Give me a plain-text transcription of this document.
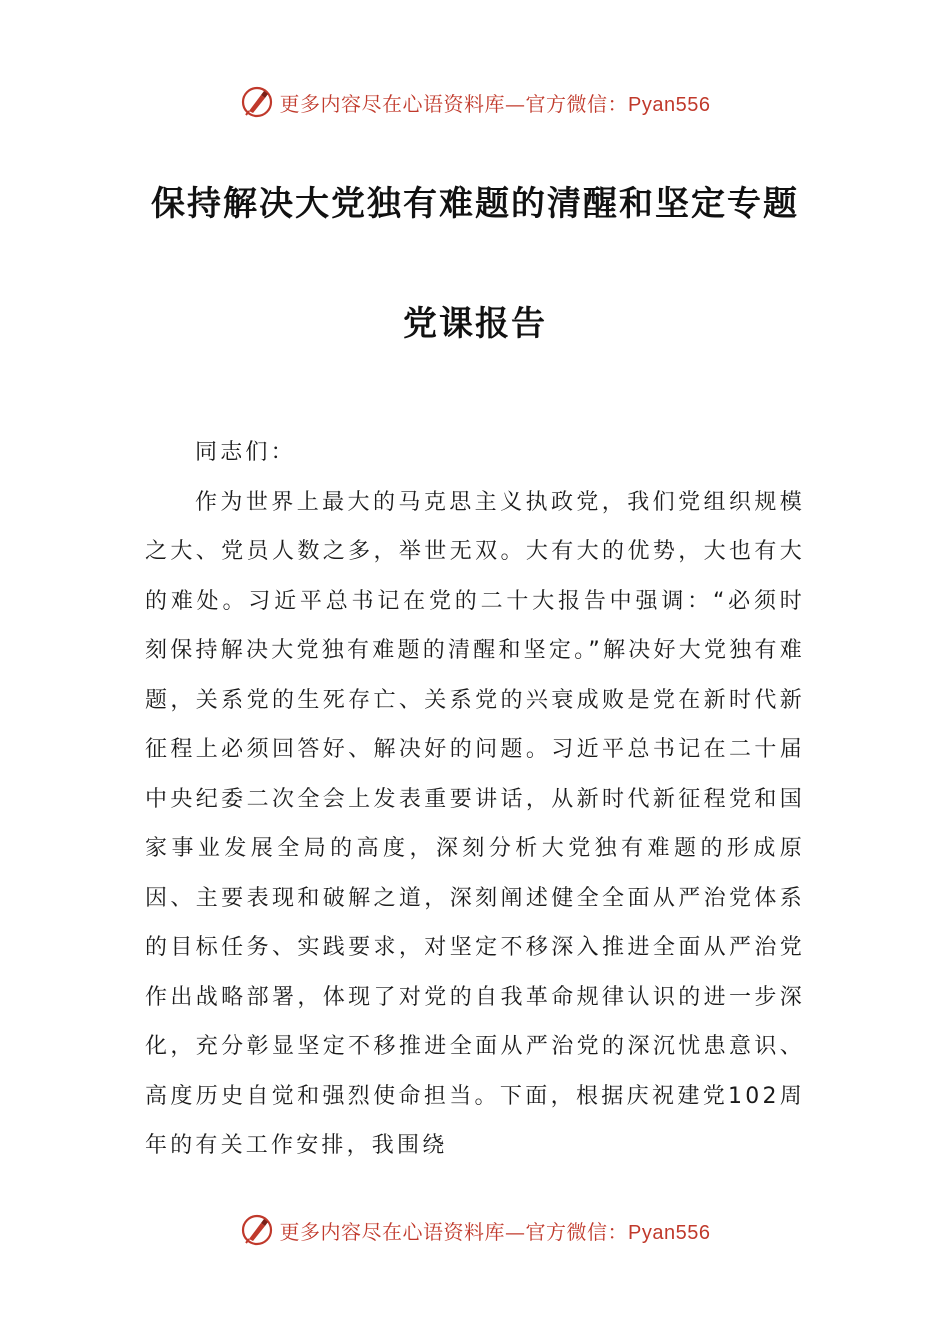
更多内容尽在心语资料库—官方微信：Pyan556
保持解决大党独有难题的清醒和坚定专题
党课报告

同志们：

作为世界上最大的马克思主义执政党，我们党组织规模之大、党员人数之多，举世无双。大有大的优势，大也有大的难处。习近平总书记在党的二十大报告中强调：“必须时刻保持解决大党独有难题的清醒和坚定。”解决好大党独有难题，关系党的生死存亡、关系党的兴衰成败是党在新时代新征程上必须回答好、解决好的问题。习近平总书记在二十届中央纪委二次全会上发表重要讲话，从新时代新征程党和国家事业发展全局的高度，深刻分析大党独有难题的形成原因、主要表现和破解之道，深刻阐述健全全面从严治党体系的目标任务、实践要求，对坚定不移深入推进全面从严治党作出战略部署，体现了对党的自我革命规律认识的进一步深化，充分彰显坚定不移推进全面从严治党的深沉忧患意识、高度历史自觉和强烈使命担当。下面，根据庆祝建党102周年的有关工作安排，我围绕

更多内容尽在心语资料库—官方微信：Pyan556
